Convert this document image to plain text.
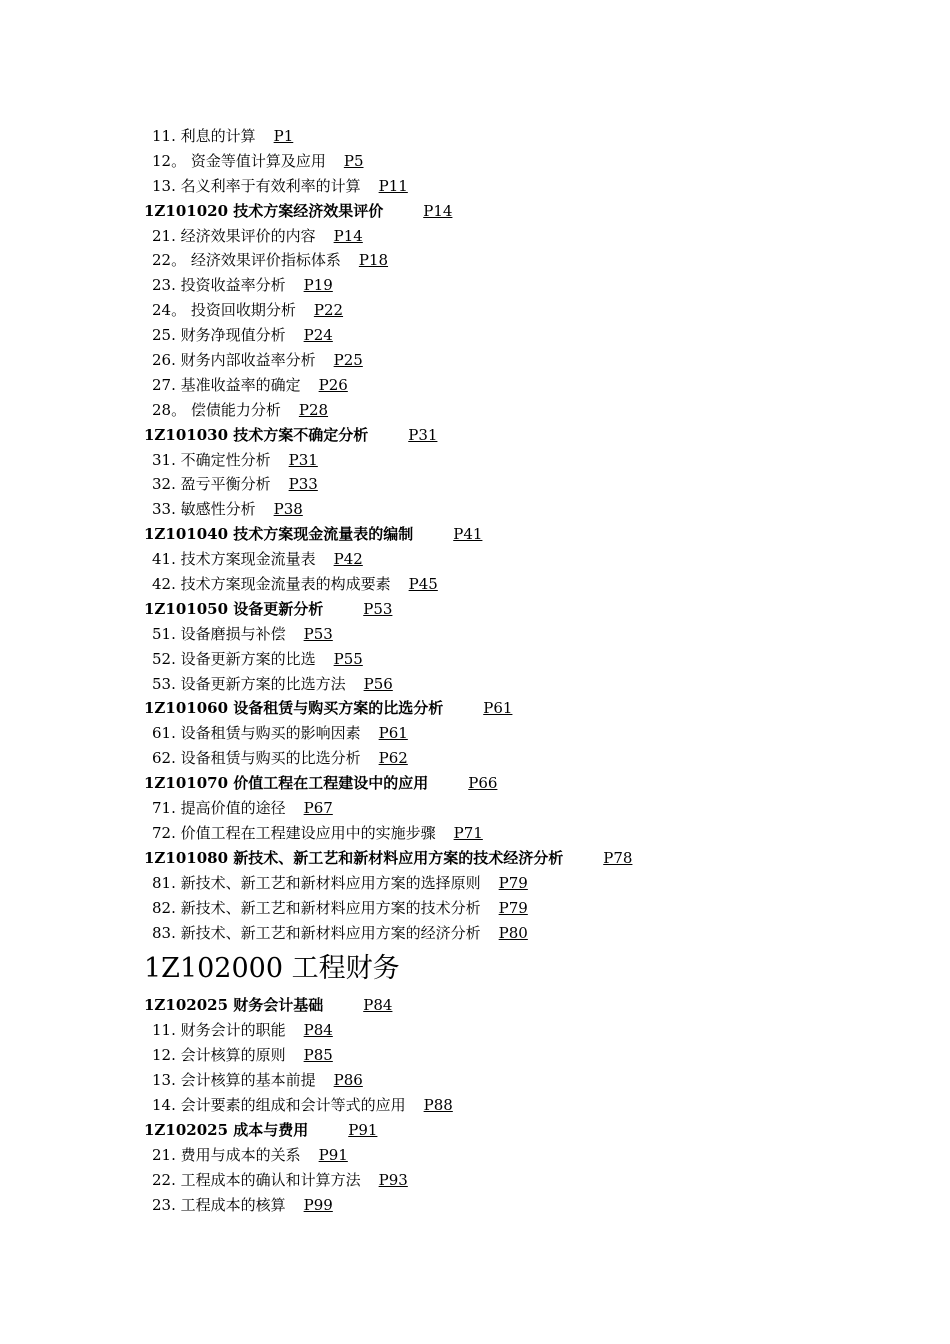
11. 利息的计算 P1
12。 资金等值计算及应用 P5
13. 名义利率于有效利率的计算 P11
1Z101020 技术方案经济效果评价	P14
21. 经济效果评价的内容 P14
22。 经济效果评价指标体系 P18
23. 投资收益率分析 P19
24。 投资回收期分析 P22
25. 财务净现值分析 P24
26. 财务内部收益率分析 P25
27. 基准收益率的确定 P26
28。 偿债能力分析 P28
1Z101030 技术方案不确定分析	P31
31. 不确定性分析 P31
32. 盈亏平衡分析 P33
33. 敏感性分析 P38
1Z101040 技术方案现金流量表的编制	P41
41. 技术方案现金流量表 P42
42. 技术方案现金流量表的构成要素 P45
1Z101050 设备更新分析	P53
51. 设备磨损与补偿 P53
52. 设备更新方案的比选 P55
53. 设备更新方案的比选方法 P56
1Z101060 设备租赁与购买方案的比选分析	P61
61. 设备租赁与购买的影响因素 P61
62. 设备租赁与购买的比选分析 P62
1Z101070 价值工程在工程建设中的应用	P66
71. 提高价值的途径 P67
72. 价值工程在工程建设应用中的实施步骤 P71
1Z101080 新技术、新工艺和新材料应用方案的技术经济分析	P78
81. 新技术、新工艺和新材料应用方案的选择原则 P79
82. 新技术、新工艺和新材料应用方案的技术分析 P79
83. 新技术、新工艺和新材料应用方案的经济分析 P80
1Z102000 工程财务
1Z102025 财务会计基础	P84
11. 财务会计的职能 P84
12. 会计核算的原则 P85
13. 会计核算的基本前提 P86
14. 会计要素的组成和会计等式的应用 P88
1Z102025 成本与费用	P91
21. 费用与成本的关系 P91
22. 工程成本的确认和计算方法 P93
23. 工程成本的核算 P99
